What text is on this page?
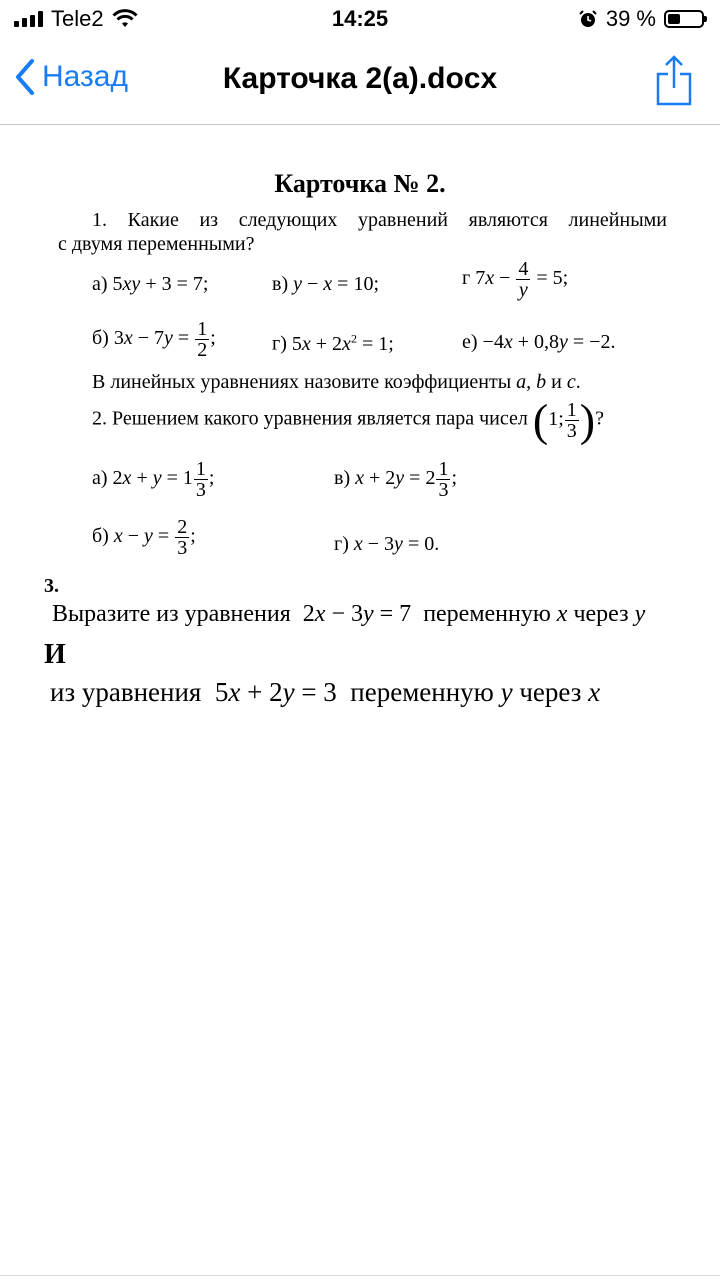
Tele2	14:25	39 %
Назад	Карточка 2(а).docx
Карточка № 2.
1. Какие из следующих уравнений являются линейными
с двумя переменными?
а) 5xy + 3 = 7;	в) y − x = 10;	г $7x - \frac{4}{y} = 5$;
б) $3x - 7y = \frac{1}{2}$ ;	г) $5x + 2x^2 = 1$;	е) −4x + 0,8y = −2.
В линейных уравнениях назовите коэффициенты a, b и c.
2. Решением какого уравнения является пара чисел (1; $\frac{1}{3}$ )?
а) $2x + y = 1 \frac{1}{3}$ ;	в) $x + 2y = 2 \frac{1}{3}$ ;
б) $x - y = \frac{2}{3}$ ;	г) x − 3y = 0.
3.
Выразите из уравнения 2x − 3y = 7 переменную x через y
И
из уравнения 5x + 2y = 3 переменную y через x
